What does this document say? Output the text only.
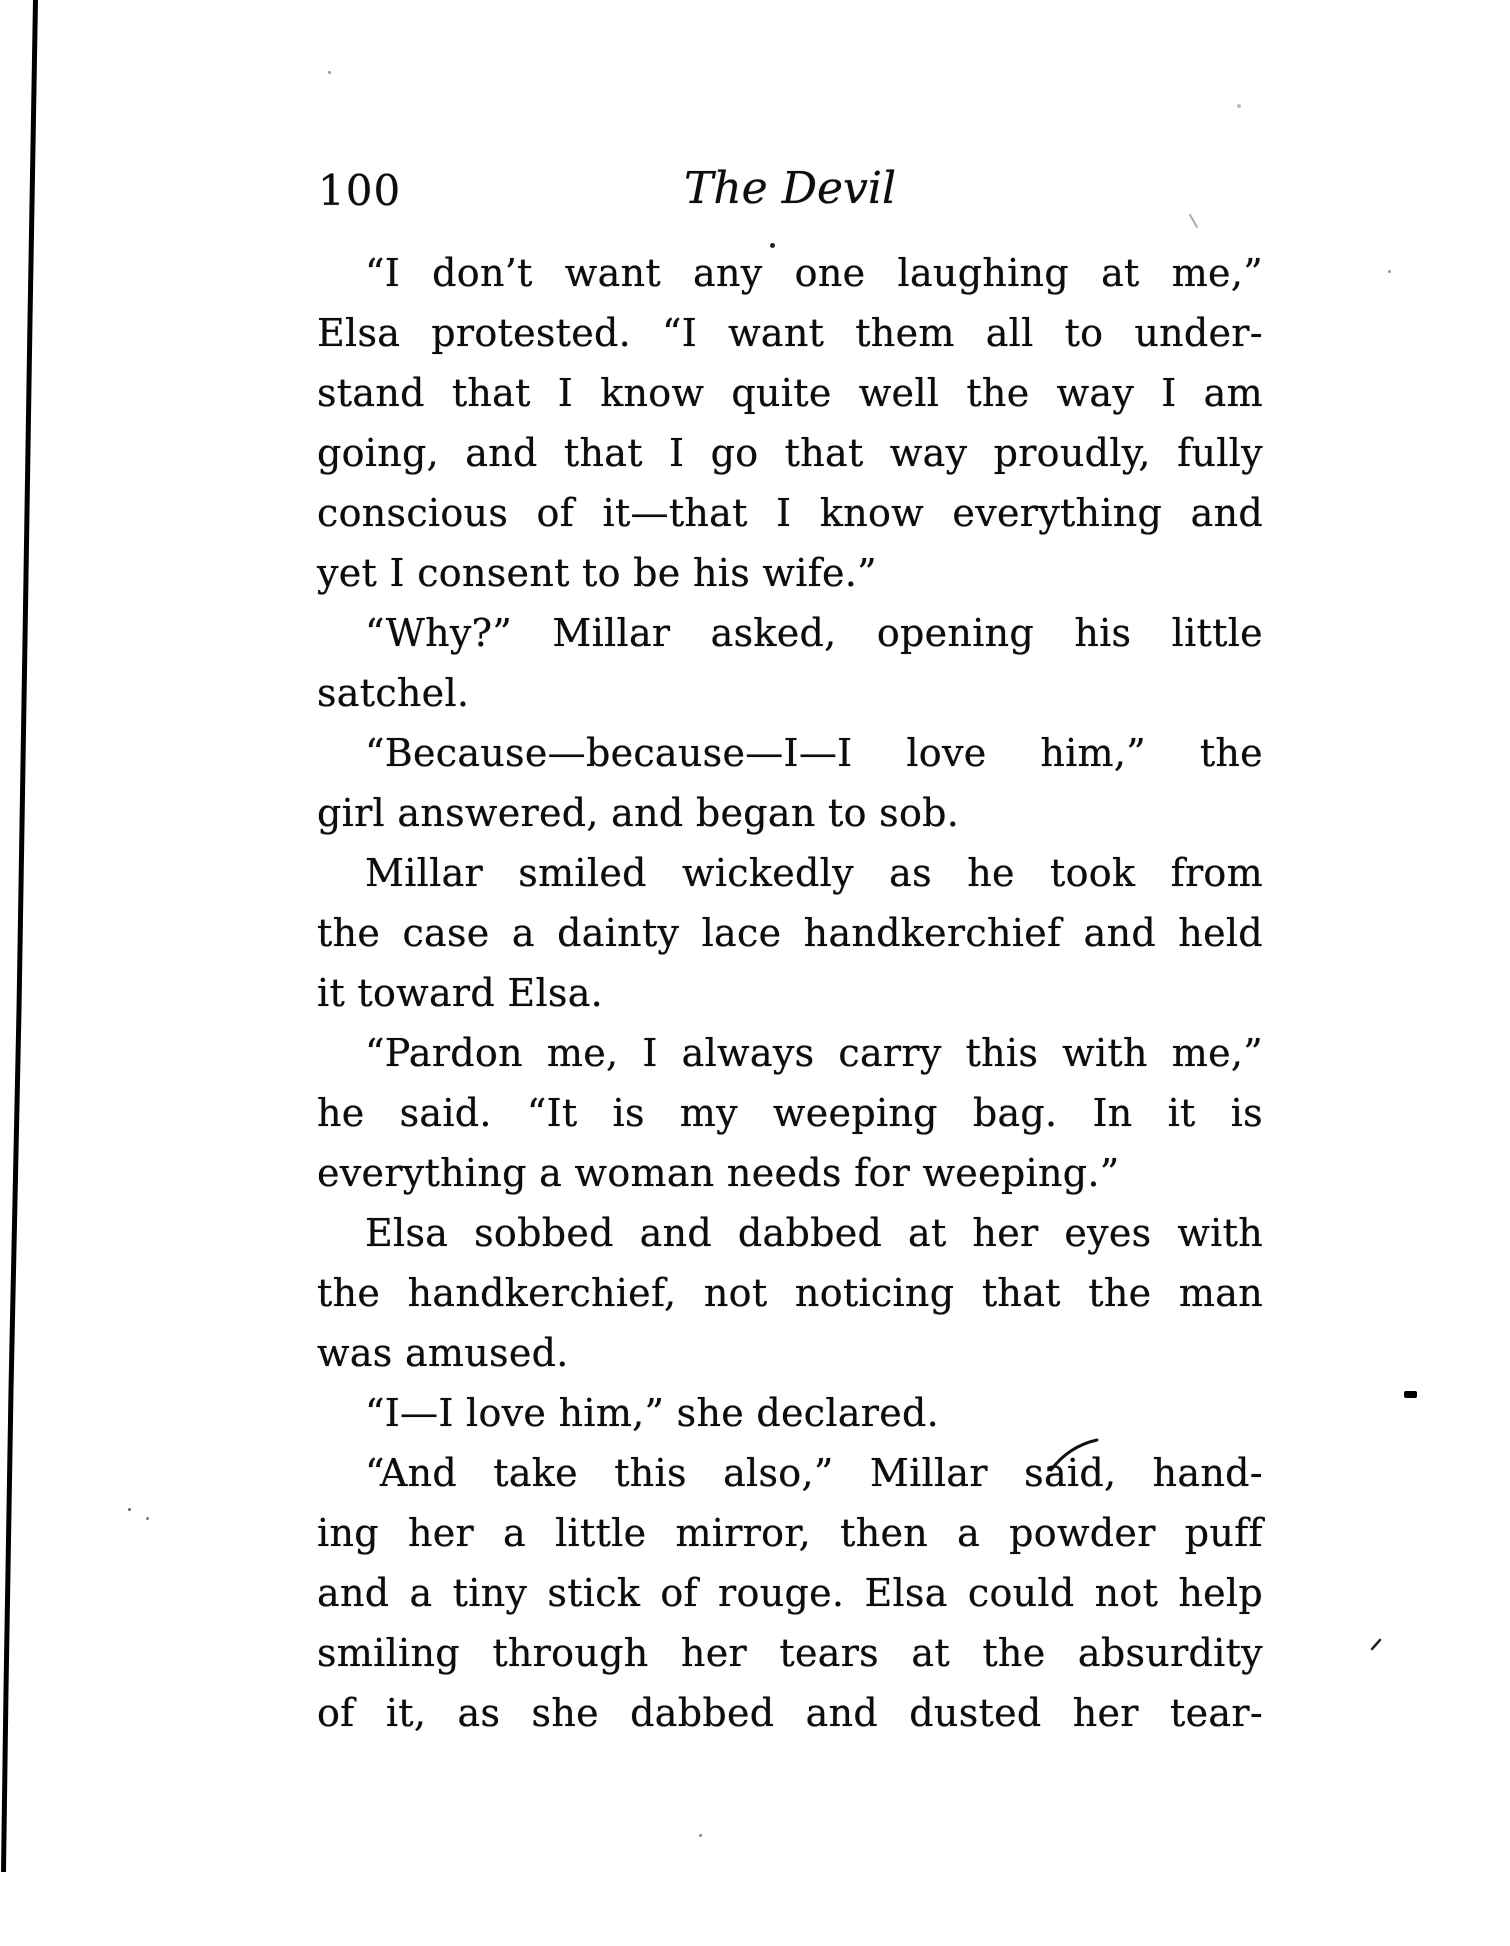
100	The Devil
“I don’t want any one laughing at me,”
Elsa protested. “I want them all to under-
stand that I know quite well the way I am
going, and that I go that way proudly, fully
conscious of it—that I know everything and
yet I consent to be his wife.”
“Why?” Millar asked, opening his little
satchel.
“Because—because—I—I love him,” the
girl answered, and began to sob.
Millar smiled wickedly as he took from
the case a dainty lace handkerchief and held
it toward Elsa.
“Pardon me, I always carry this with me,”
he said. “It is my weeping bag. In it is
everything a woman needs for weeping.”
Elsa sobbed and dabbed at her eyes with
the handkerchief, not noticing that the man
was amused.
“I—I love him,” she declared.
“And take this also,” Millar said, hand-
ing her a little mirror, then a powder puff
and a tiny stick of rouge. Elsa could not help
smiling through her tears at the absurdity
of it, as she dabbed and dusted her tear-
